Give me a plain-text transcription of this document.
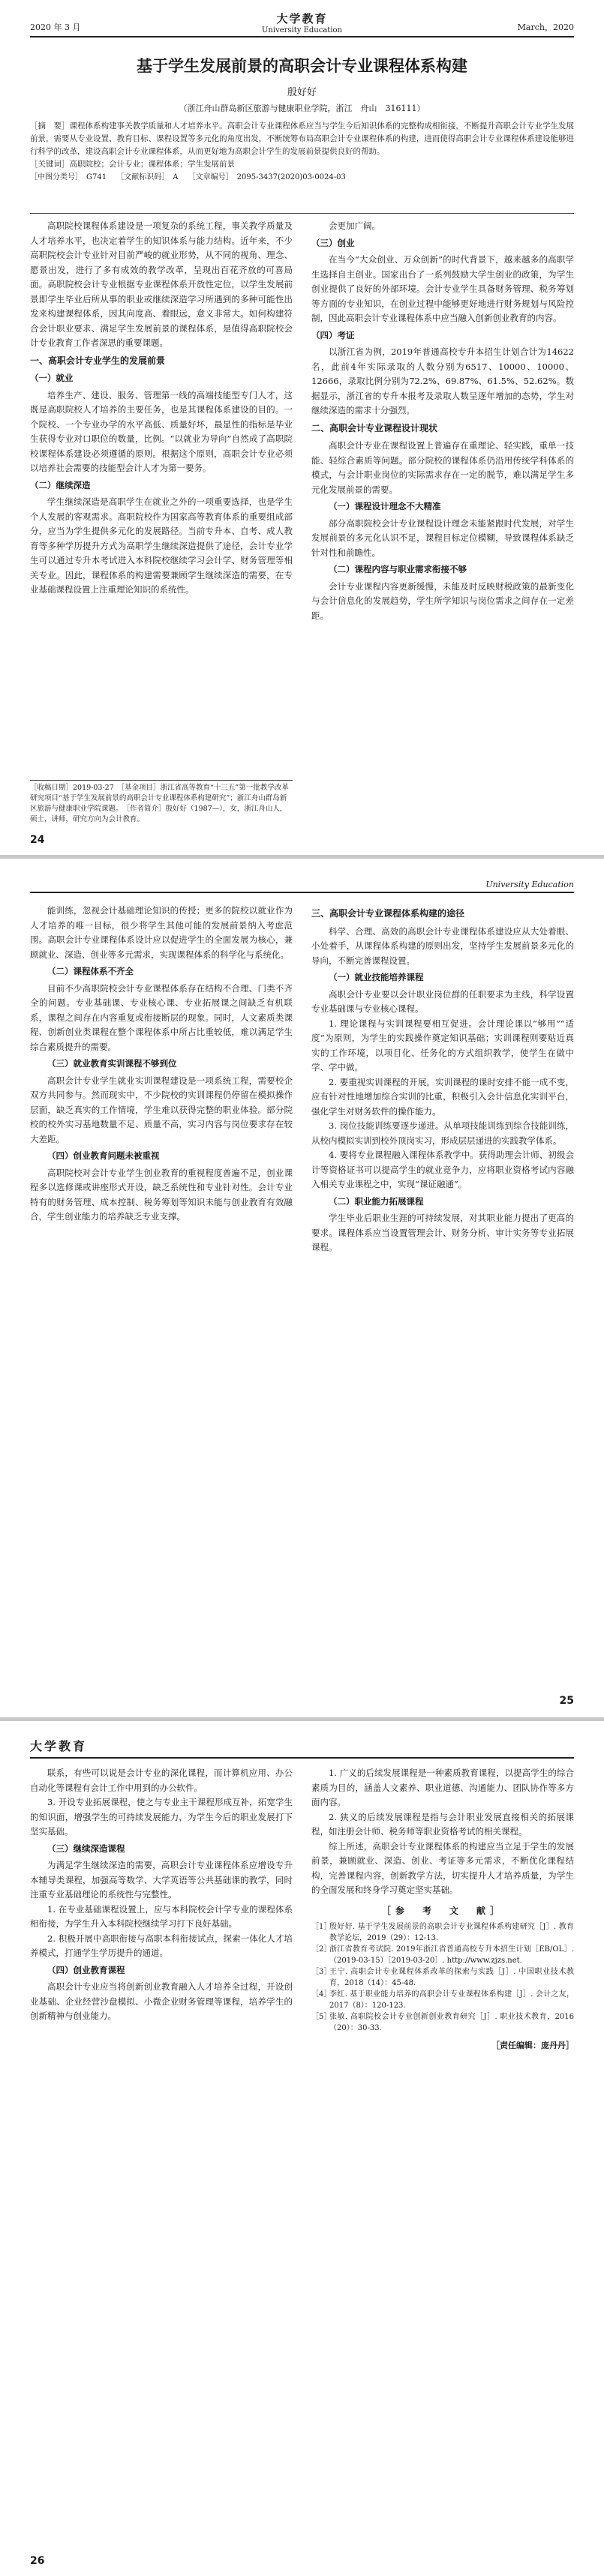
2020 年 3 月
大学教育
University Education	March，2020
基于学生发展前景的高职会计专业课程体系构建
殷好好
（浙江舟山群岛新区旅游与健康职业学院，浙江　舟山　316111）
［摘　要］课程体系构建事关教学质量和人才培养水平。高职会计专业课程体系应当与学生今后知识体系的完整构成相衔接，不断提升高职会计专业学生发展前景，需要从专业设置、教育目标、课程设置等多元化的角度出发，不断统筹布局高职会计专业课程体系的构建，进而使得高职会计专业课程体系建设能够进行科学的改革，建设高职会计专业课程体系，从而更好地为高职会计学生的发展前景提供良好的帮助。
［关键词］高职院校；会计专业；课程体系；学生发展前景
［中图分类号］　G741　 ［文献标识码］　A　 ［文章编号］　2095-3437(2020)03-0024-03

高职院校课程体系建设是一项复杂的系统工程，事关教学质量及人才培养水平，也决定着学生的知识体系与能力结构。近年来，不少高职院校会计专业针对目前严峻的就业形势，从不同的视角、理念、愿景出发，进行了多有成效的教学改革，呈现出百花齐放的可喜局面。高职院校会计专业根据专业课程体系开放性定位，以学生发展前景即学生毕业后所从事的职业或继续深造学习所遇到的多种可能性出发来构建课程体系，因其向度高、着眼远，意义非常大。如何构建符合会计职业要求、满足学生发展前景的课程体系，是值得高职院校会计专业教育工作者深思的重要课题。

一、高职会计专业学生的发展前景
（一）就业

培养生产、建设、服务、管理第一线的高端技能型专门人才，这既是高职院校人才培养的主要任务，也是其课程体系建设的目的。一个院校、一个专业办学的水平高低、质量好坏，最显性的指标是毕业生获得专业对口职位的数量，比例。“以就业为导向”自然成了高职院校课程体系建设必须遵循的原则。根据这个原则，高职会计专业必须以培养社会需要的技能型会计人才为第一要务。

（二）继续深造

学生继续深造是高职学生在就业之外的一项重要选择，也是学生个人发展的客观需求。高职院校作为国家高等教育体系的重要组成部分，应当为学生提供多元化的发展路径。当前专升本、自考、成人教育等多种学历提升方式为高职学生继续深造提供了途径，会计专业学生可以通过专升本考试进入本科院校继续学习会计学、财务管理等相关专业。因此，课程体系的构建需要兼顾学生继续深造的需要，在专业基础课程设置上注重理论知识的系统性。

会更加广阔。

（三）创业

在当今“大众创业、万众创新”的时代背景下，越来越多的高职学生选择自主创业。国家出台了一系列鼓励大学生创业的政策，为学生创业提供了良好的外部环境。会计专业学生具备财务管理、税务筹划等方面的专业知识，在创业过程中能够更好地进行财务规划与风险控制，因此高职会计专业课程体系中应当融入创新创业教育的内容。

（四）考证

以浙江省为例，2019年普通高校专升本招生计划合计为14622名，此前4年实际录取的人数分别为6517、10000、10000、12666，录取比例分别为72.2%、69.87%、61.5%、52.62%。数据显示，浙江省的专升本报考及录取人数呈逐年增加的态势，学生对继续深造的需求十分强烈。

二、高职会计专业课程设计现状

高职会计专业在课程设置上普遍存在重理论、轻实践，重单一技能、轻综合素质等问题。部分院校的课程体系仍沿用传统学科体系的模式，与会计职业岗位的实际需求存在一定的脱节，难以满足学生多元化发展前景的需要。

（一）课程设计理念不大精准

部分高职院校会计专业课程设计理念未能紧跟时代发展，对学生发展前景的多元化认识不足，课程目标定位模糊，导致课程体系缺乏针对性和前瞻性。

（二）课程内容与职业需求衔接不够

会计专业课程内容更新缓慢，未能及时反映财税政策的最新变化与会计信息化的发展趋势，学生所学知识与岗位需求之间存在一定差距。

［收稿日期］2019-03-27　［基金项目］浙江省高等教育“十三五”第一批教学改革研究项目“基于学生发展前景的高职会计专业课程体系构建研究”；浙江舟山群岛新区旅游与健康职业学院课题。　［作者简介］殷好好（1987—），女，浙江舟山人，硕士，讲师，研究方向为会计教育。
24
University Education

能训练，忽视会计基础理论知识的传授；更多的院校以就业作为人才培养的唯一目标，很少将学生其他可能的发展前景纳入考虑范围。高职会计专业课程体系设计应以促进学生的全面发展为核心，兼顾就业、深造、创业等多元需求，实现课程体系的科学化与系统化。

（二）课程体系不齐全

目前不少高职院校会计专业课程体系存在结构不合理、门类不齐全的问题。专业基础课、专业核心课、专业拓展课之间缺乏有机联系，课程之间存在内容重复或衔接断层的现象。同时，人文素质类课程、创新创业类课程在整个课程体系中所占比重较低，难以满足学生综合素质提升的需要。

（三）就业教育实训课程不够到位

高职会计专业学生就业实训课程建设是一项系统工程，需要校企双方共同参与。然而现实中，不少院校的实训课程仍停留在模拟操作层面，缺乏真实的工作情境，学生难以获得完整的职业体验。部分院校的校外实习基地数量不足、质量不高，实习内容与岗位要求存在较大差距。

（四）创业教育问题未被重视

高职院校对会计专业学生创业教育的重视程度普遍不足，创业课程多以选修课或讲座形式开设，缺乏系统性和专业针对性。会计专业特有的财务管理、成本控制、税务筹划等知识未能与创业教育有效融合，学生创业能力的培养缺乏专业支撑。

三、高职会计专业课程体系构建的途径

科学、合理、高效的高职会计专业课程体系建设应从大处着眼、小处着手，从课程体系构建的原则出发，坚持学生发展前景多元化的导向，不断完善课程设置。

（一）就业技能培养课程

高职会计专业要以会计职业岗位群的任职要求为主线，科学设置专业基础课与专业核心课程。

1. 理论课程与实训课程要相互促进。会计理论课以“够用”“适度”为原则，为学生的实践操作奠定知识基础；实训课程则要贴近真实的工作环境，以项目化、任务化的方式组织教学，使学生在做中学、学中做。

2. 要重视实训课程的开展。实训课程的课时安排不能一成不变，应有针对性地增加综合实训的比重，积极引入会计信息化实训平台，强化学生对财务软件的操作能力。

3. 岗位技能训练要逐步递进。从单项技能训练到综合技能训练，从校内模拟实训到校外顶岗实习，形成层层递进的实践教学体系。

4. 要将专业课程融入课程体系教学中。获得助理会计师、初级会计等资格证书可以提高学生的就业竞争力，应将职业资格考试内容融入相关专业课程之中，实现“课证融通”。

（二）职业能力拓展课程

学生毕业后职业生涯的可持续发展，对其职业能力提出了更高的要求。课程体系应当设置管理会计、财务分析、审计实务等专业拓展课程。

25
大学教育

联系，有些可以说是会计专业的深化课程，而计算机应用、办公自动化等课程有会计工作中用到的办公软件。

3. 开设专业拓展课程，使之与专业主干课程形成互补，拓宽学生的知识面，增强学生的可持续发展能力，为学生今后的职业发展打下坚实基础。

（三）继续深造课程

为满足学生继续深造的需要，高职会计专业课程体系应增设专升本辅导类课程，加强高等数学、大学英语等公共基础课的教学，同时注重专业基础理论的系统性与完整性。

1. 在专业基础课程设置上，应与本科院校会计学专业的课程体系相衔接，为学生升入本科院校继续学习打下良好基础。

2. 积极开展中高职衔接与高职本科衔接试点，探索一体化人才培养模式，打通学生学历提升的通道。

（四）创业教育课程

高职会计专业应当将创新创业教育融入人才培养全过程，开设创业基础、企业经营沙盘模拟、小微企业财务管理等课程，培养学生的创新精神与创业能力。

1. 广义的后续发展课程是一种素质教育课程，以提高学生的综合素质为目的，涵盖人文素养、职业道德、沟通能力、团队协作等多方面内容。

2. 狭义的后续发展课程是指与会计职业发展直接相关的拓展课程，如注册会计师、税务师等职业资格考试的相关课程。

综上所述，高职会计专业课程体系的构建应当立足于学生的发展前景，兼顾就业、深造、创业、考证等多元需求，不断优化课程结构，完善课程内容，创新教学方法，切实提升人才培养质量，为学生的全面发展和终身学习奠定坚实基础。

［参　考　文　献］
［1］
殷好好. 基于学生发展前景的高职会计专业课程体系构建研究［J］. 教育教学论坛，2019（29）：12-13.
［2］
浙江省教育考试院. 2019年浙江省普通高校专升本招生计划［EB/OL］.（2019-03-15）［2019-03-20］. http://www.zjzs.net.
［3］
王宁. 高职会计专业课程体系改革的探索与实践［J］. 中国职业技术教育，2018（14）：45-48.
［4］
李红. 基于职业能力培养的高职会计专业课程体系构建［J］. 会计之友，2017（8）：120-123.
［5］
张敏. 高职院校会计专业创新创业教育研究［J］. 职业技术教育，2016（20）：30-33.
［责任编辑：庞丹丹］
26
